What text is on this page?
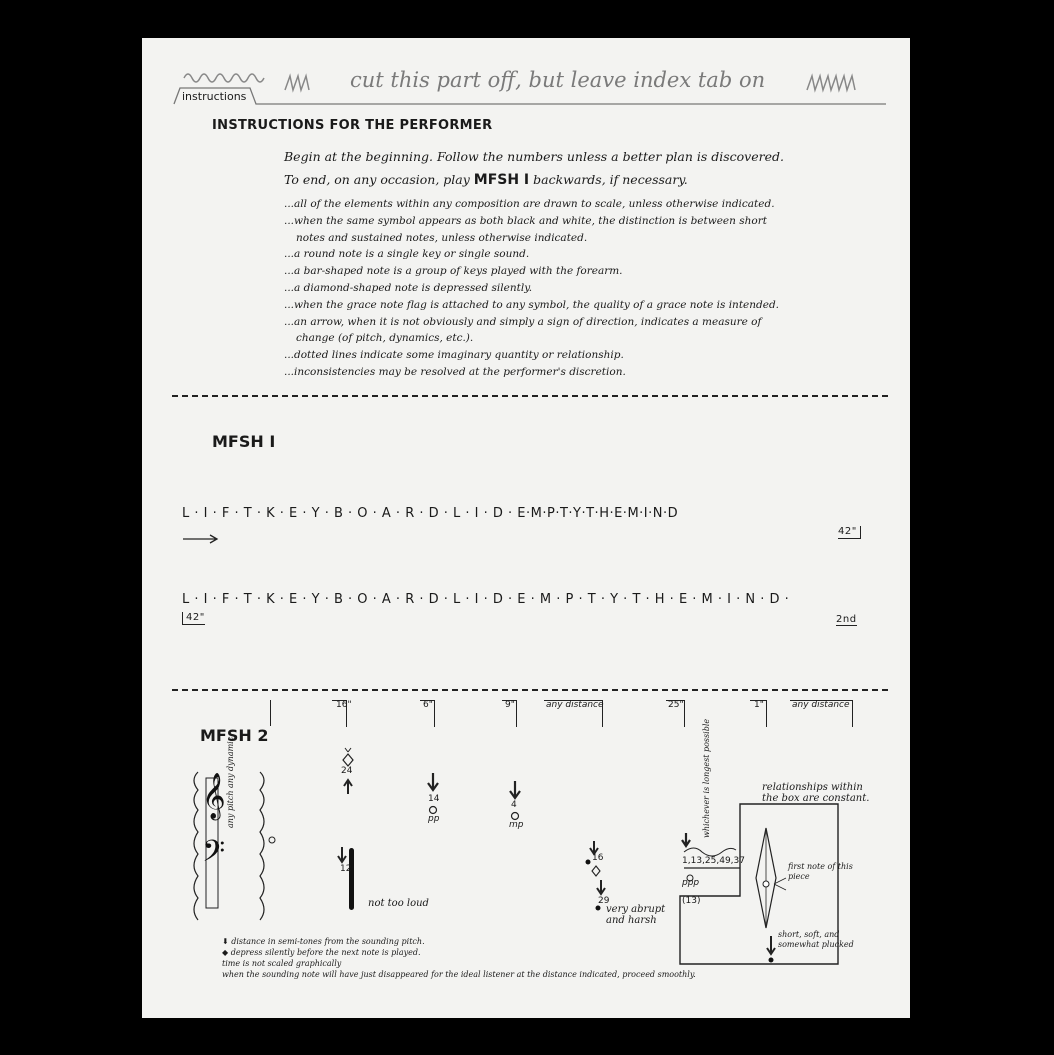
instructions
cut this part off, but leave index tab on
INSTRUCTIONS FOR THE PERFORMER
Begin at the beginning. Follow the numbers unless a better plan is discovered.
To end, on any occasion, play MFSH I backwards, if necessary.
...all of the elements within any composition are drawn to scale, unless otherwise indicated.
...when the same symbol appears as both black and white, the distinction is between short
notes and sustained notes, unless otherwise indicated.
...a round note is a single key or single sound.
...a bar-shaped note is a group of keys played with the forearm.
...a diamond-shaped note is depressed silently.
...when the grace note flag is attached to any symbol, the quality of a grace note is intended.
...an arrow, when it is not obviously and simply a sign of direction, indicates a measure of
change (of pitch, dynamics, etc.).
...dotted lines indicate some imaginary quantity or relationship.
...inconsistencies may be resolved at the performer's discretion.
MFSH I
L · I · F · T · K · E · Y · B · O · A · R · D · L · I · D · E·M·P·T·Y·T·H·E·M·I·N·D
42"
L · I · F · T · K · E · Y · B · O · A · R · D · L · I · D · E · M · P · T · Y · T · H · E · M · I · N · D ·
42"	2nd
MFSH 2
16"	6"	9"	any distance	25"	1"	any distance
𝄞
𝄢
any pitch any dynamic	24
14
pp
4
mp
12
not too loud
16
29
very abrupt and harsh
whichever is longest possible
1,13,25,49,37
ppp
(13)
relationships within the box are constant.
first note of this piece
short, soft, and somewhat plucked
⬇ distance in semi-tones from the sounding pitch.
◆ depress silently before the next note is played.
time is not scaled graphically
when the sounding note will have just disappeared for the ideal listener at the distance indicated, proceed smoothly.
